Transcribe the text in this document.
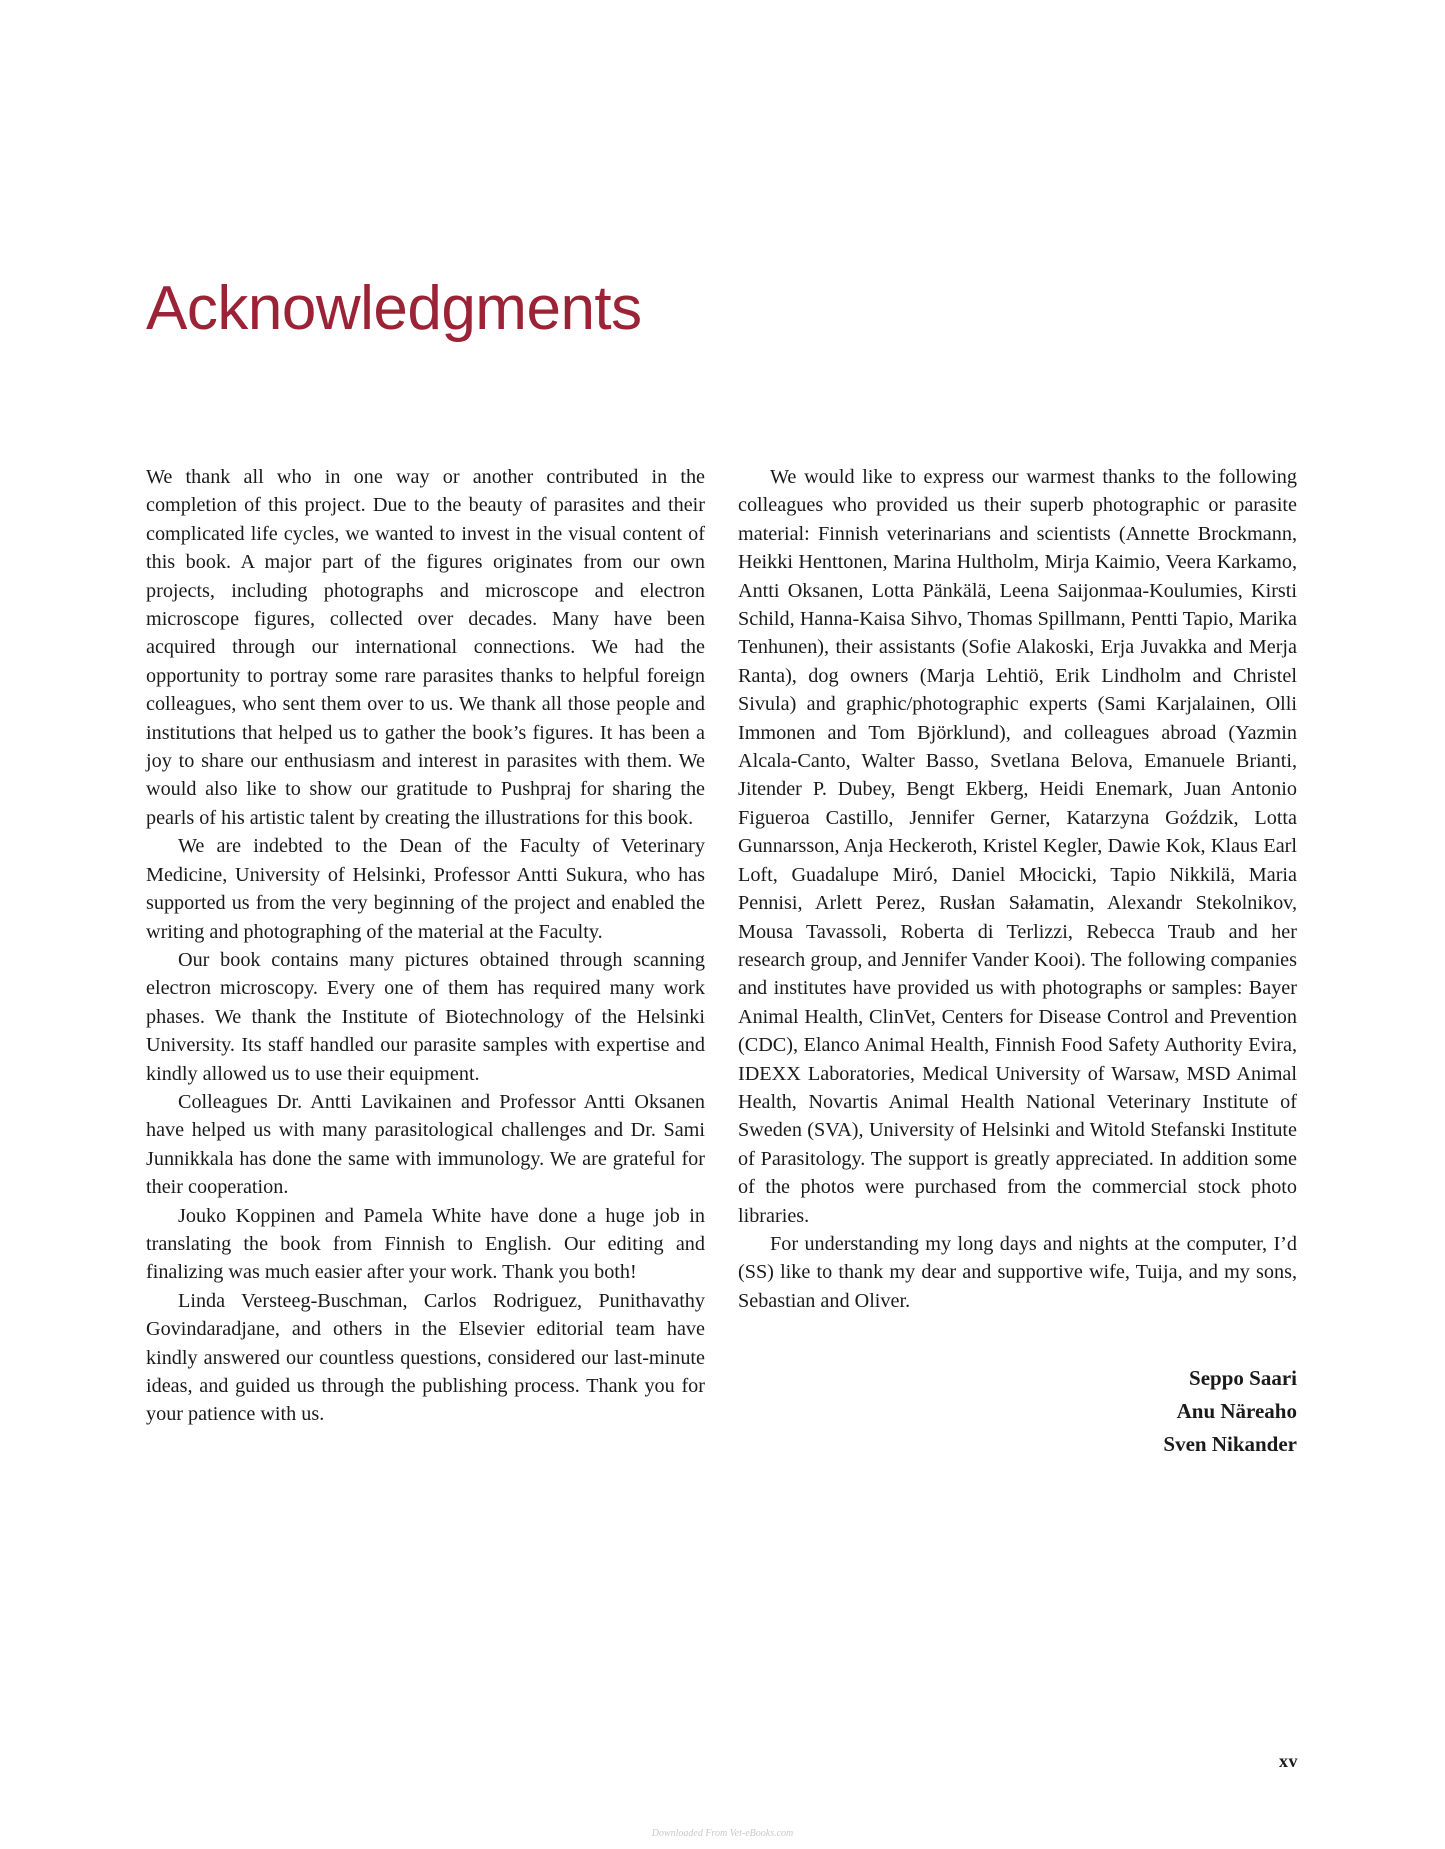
Acknowledgments

We thank all who in one way or another contributed in the completion of this project. Due to the beauty of parasites and their complicated life cycles, we wanted to invest in the visual content of this book. A major part of the figures originates from our own projects, including photographs and microscope and electron microscope figures, collected over decades. Many have been acquired through our international connections. We had the opportunity to portray some rare parasites thanks to helpful foreign colleagues, who sent them over to us. We thank all those people and institutions that helped us to gather the book’s figures. It has been a joy to share our enthusiasm and interest in parasites with them. We would also like to show our gratitude to Pushpraj for sharing the pearls of his artistic talent by creating the illustrations for this book.

We are indebted to the Dean of the Faculty of Veterinary Medicine, University of Helsinki, Professor Antti Sukura, who has supported us from the very beginning of the project and enabled the writing and photographing of the material at the Faculty.

Our book contains many pictures obtained through scanning electron microscopy. Every one of them has required many work phases. We thank the Institute of Biotechnology of the Helsinki University. Its staff handled our parasite samples with expertise and kindly allowed us to use their equipment.

Colleagues Dr. Antti Lavikainen and Professor Antti Oksanen have helped us with many parasitological challenges and Dr. Sami Junnikkala has done the same with immunology. We are grateful for their cooperation.

Jouko Koppinen and Pamela White have done a huge job in translating the book from Finnish to English. Our editing and finalizing was much easier after your work. Thank you both!

Linda Versteeg-Buschman, Carlos Rodriguez, Punithavathy Govindaradjane, and others in the Elsevier editorial team have kindly answered our countless questions, considered our last-minute ideas, and guided us through the publishing process. Thank you for your patience with us.

We would like to express our warmest thanks to the following colleagues who provided us their superb photographic or parasite material: Finnish veterinarians and scientists (Annette Brockmann, Heikki Henttonen, Marina Hultholm, Mirja Kaimio, Veera Karkamo, Antti Oksanen, Lotta Pänkälä, Leena Saijonmaa-Koulumies, Kirsti Schild, Hanna-Kaisa Sihvo, Thomas Spillmann, Pentti Tapio, Marika Tenhunen), their assistants (Sofie Alakoski, Erja Juvakka and Merja Ranta), dog owners (Marja Lehtiö, Erik Lindholm and Christel Sivula) and graphic/photographic experts (Sami Karjalainen, Olli Immonen and Tom Björklund), and colleagues abroad (Yazmin Alcala-Canto, Walter Basso, Svetlana Belova, Emanuele Brianti, Jitender P. Dubey, Bengt Ekberg, Heidi Enemark, Juan Antonio Figueroa Castillo, Jennifer Gerner, Katarzyna Goździk, Lotta Gunnarsson, Anja Heckeroth, Kristel Kegler, Dawie Kok, Klaus Earl Loft, Guadalupe Miró, Daniel Młocicki, Tapio Nikkilä, Maria Pennisi, Arlett Perez, Rusłan Sałamatin, Alexandr Stekolnikov, Mousa Tavassoli, Roberta di Terlizzi, Rebecca Traub and her research group, and Jennifer Vander Kooi). The following companies and institutes have provided us with photographs or samples: Bayer Animal Health, ClinVet, Centers for Disease Control and Prevention (CDC), Elanco Animal Health, Finnish Food Safety Authority Evira, IDEXX Laboratories, Medical University of Warsaw, MSD Animal Health, Novartis Animal Health National Veterinary Institute of Sweden (SVA), University of Helsinki and Witold Stefanski Institute of Parasitology. The support is greatly appreciated. In addition some of the photos were purchased from the commercial stock photo libraries.

For understanding my long days and nights at the computer, I’d (SS) like to thank my dear and supportive wife, Tuija, and my sons, Sebastian and Oliver.

Seppo Saari
Anu Näreaho
Sven Nikander
xv
Downloaded From Vet-eBooks.com
